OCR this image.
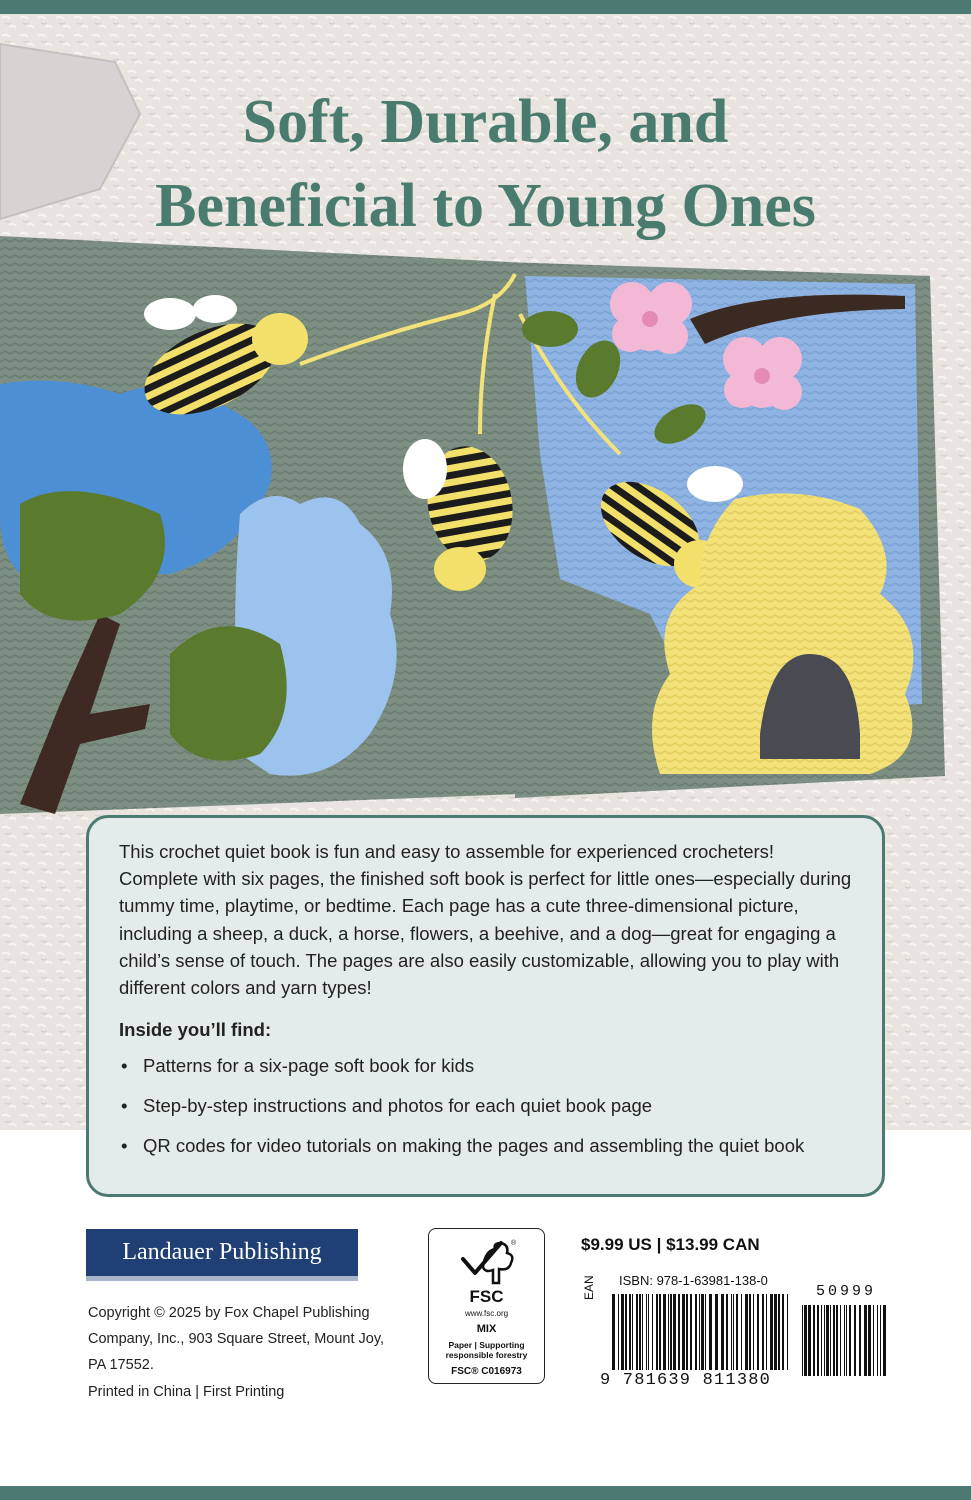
Soft, Durable, and
Beneficial to Young Ones

This crochet quiet book is fun and easy to assemble for experienced crocheters! Complete with six pages, the finished soft book is perfect for little ones—especially during tummy time, playtime, or bedtime. Each page has a cute three-dimensional picture, including a sheep, a duck, a horse, flowers, a beehive, and a dog—great for engaging a child’s sense of touch. The pages are also easily customizable, allowing you to play with different colors and yarn types!

Inside you’ll find:
• Patterns for a six-page soft book for kids
• Step-by-step instructions and photos for each quiet book page
• QR codes for video tutorials on making the pages and assembling the quiet book
Landauer Publishing

Copyright © 2025 by Fox Chapel Publishing Company, Inc., 903 Square Street, Mount Joy, PA 17552.

Printed in China | First Printing

®
FSC
www.fsc.org
MIX
Paper | Supporting
responsible forestry
FSC® C016973
$9.99 US | $13.99 CAN
ISBN: 978-1-63981-138-0
EAN	50999
9 781639 811380
